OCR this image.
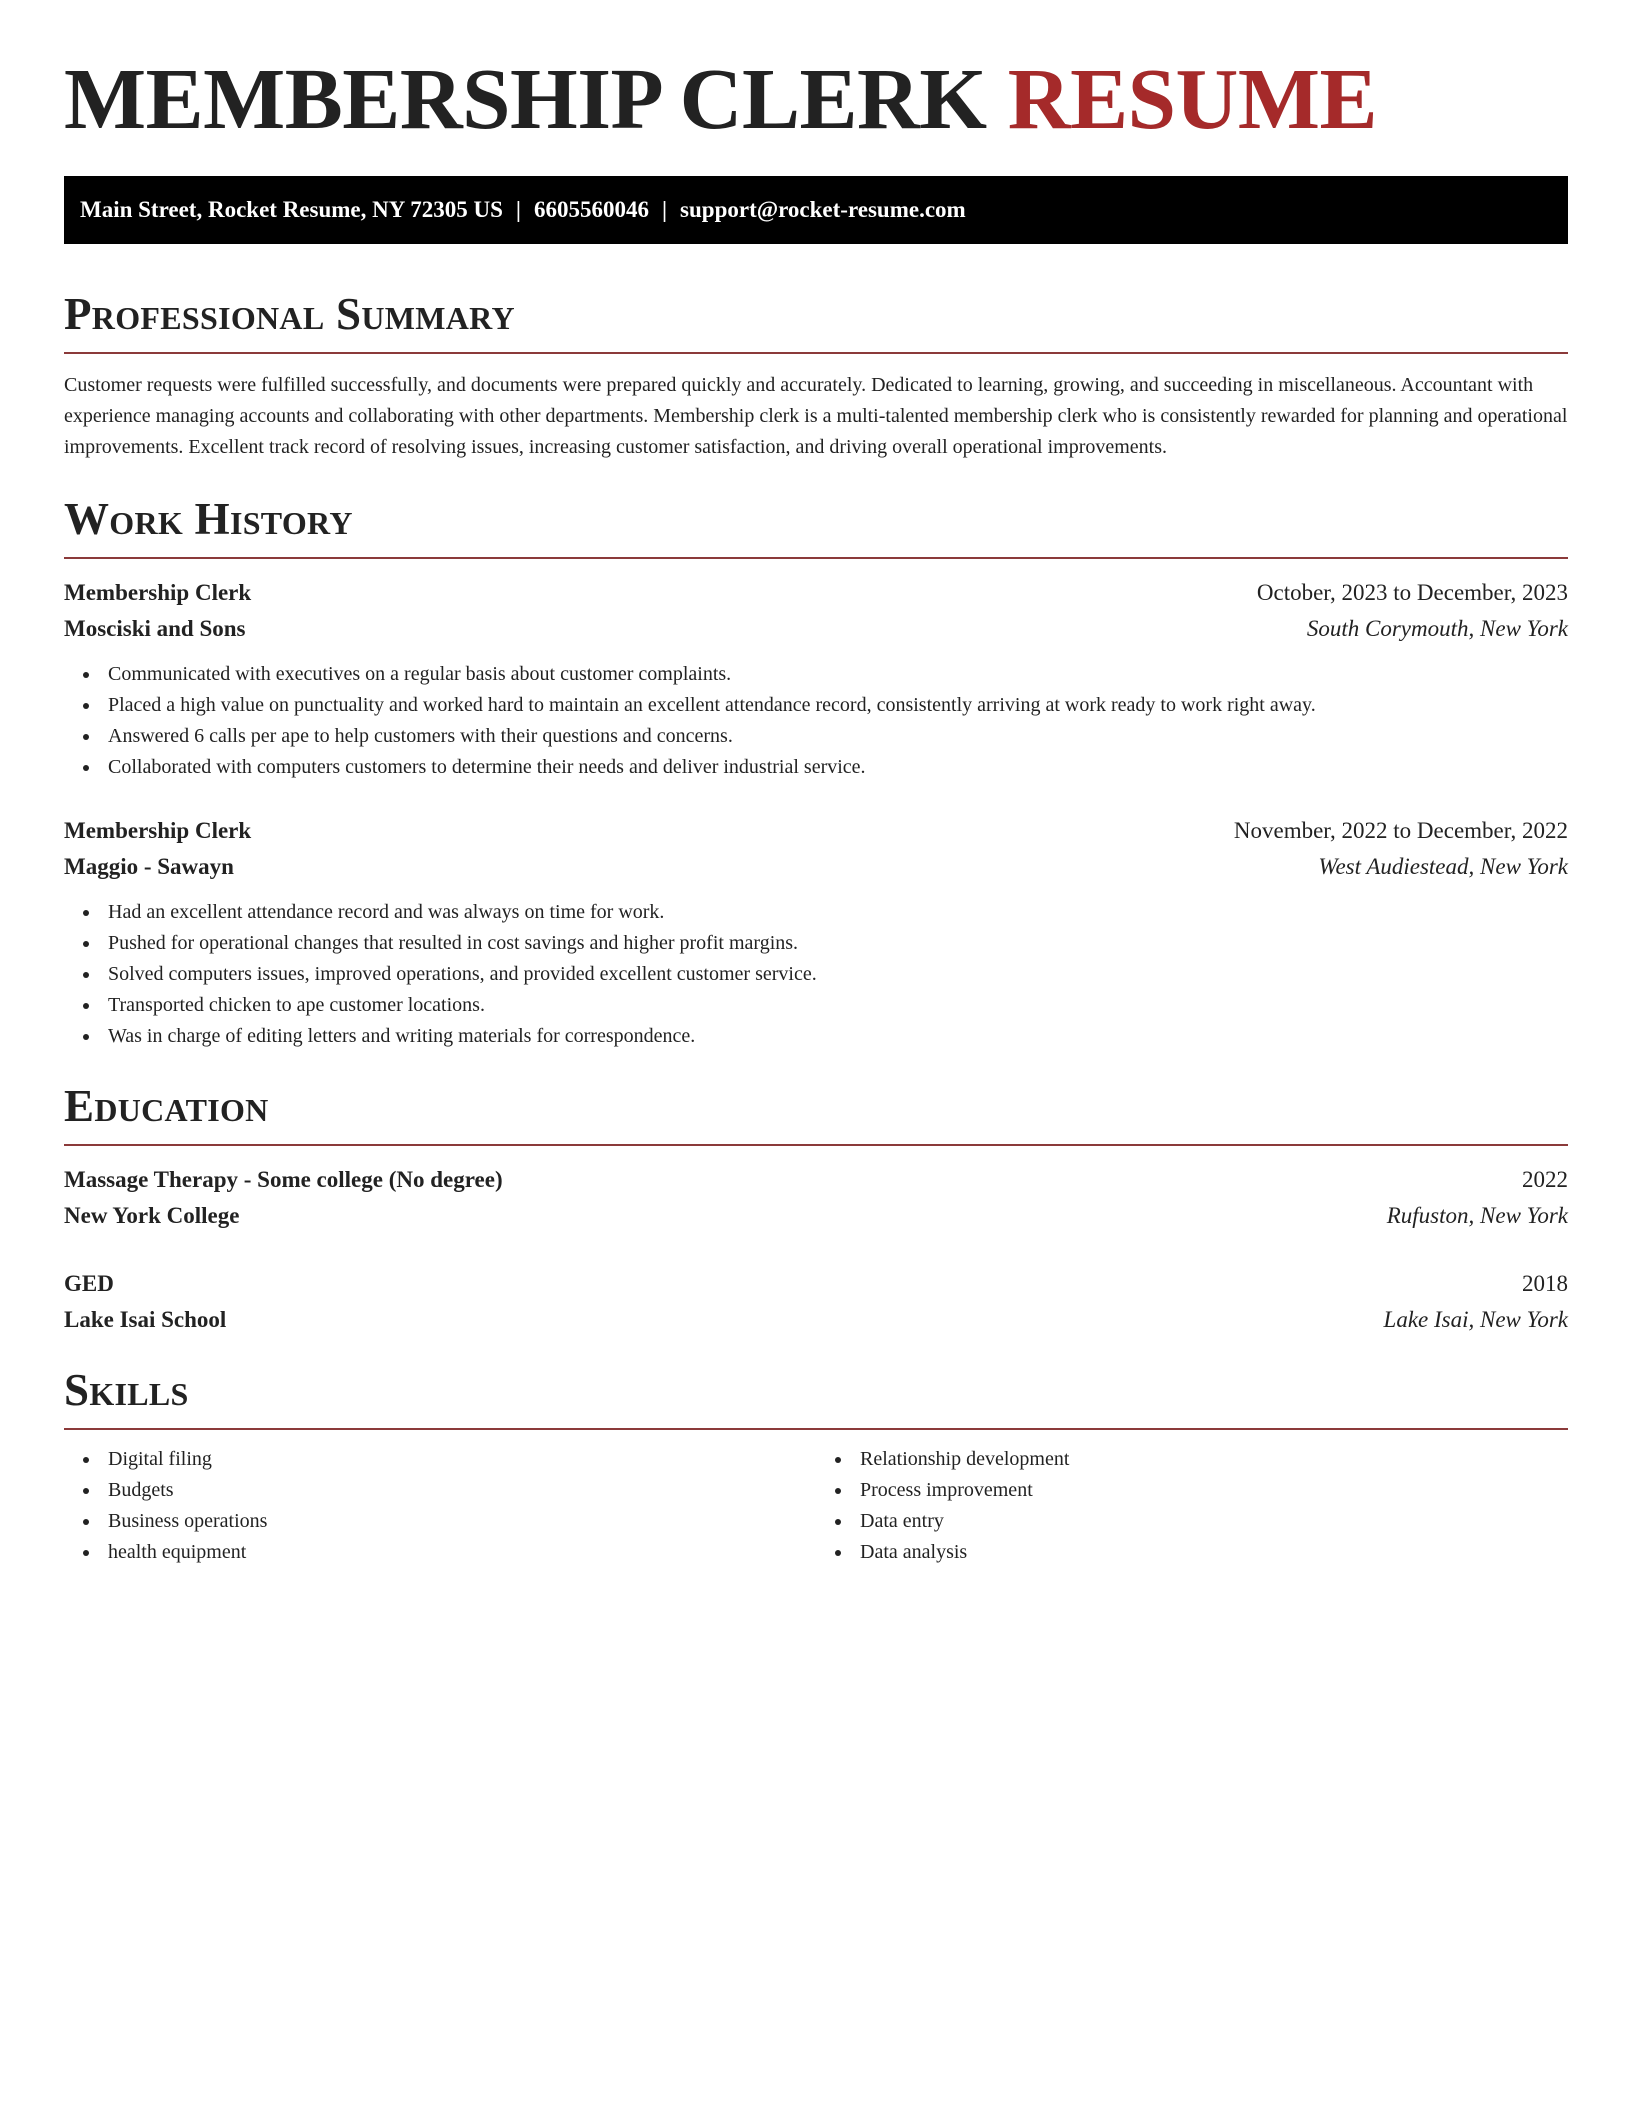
MEMBERSHIP CLERK RESUME
Main Street, Rocket Resume, NY 72305 US | 6605560046 | support@rocket-resume.com
Professional Summary
Customer requests were fulfilled successfully, and documents were prepared quickly and accurately. Dedicated to learning, growing, and succeeding in miscellaneous. Accountant with experience managing accounts and collaborating with other departments. Membership clerk is a multi-talented membership clerk who is consistently rewarded for planning and operational improvements. Excellent track record of resolving issues, increasing customer satisfaction, and driving overall operational improvements.
Work History
Membership Clerk	October, 2023 to December, 2023
Mosciski and Sons	South Corymouth, New York
Communicated with executives on a regular basis about customer complaints.
Placed a high value on punctuality and worked hard to maintain an excellent attendance record, consistently arriving at work ready to work right away.
Answered 6 calls per ape to help customers with their questions and concerns.
Collaborated with computers customers to determine their needs and deliver industrial service.
Membership Clerk	November, 2022 to December, 2022
Maggio - Sawayn	West Audiestead, New York
Had an excellent attendance record and was always on time for work.
Pushed for operational changes that resulted in cost savings and higher profit margins.
Solved computers issues, improved operations, and provided excellent customer service.
Transported chicken to ape customer locations.
Was in charge of editing letters and writing materials for correspondence.
Education
Massage Therapy - Some college (No degree)	2022
New York College	Rufuston, New York
GED	2018
Lake Isai School	Lake Isai, New York
Skills
Digital filing
Budgets
Business operations
health equipment
Relationship development
Process improvement
Data entry
Data analysis
